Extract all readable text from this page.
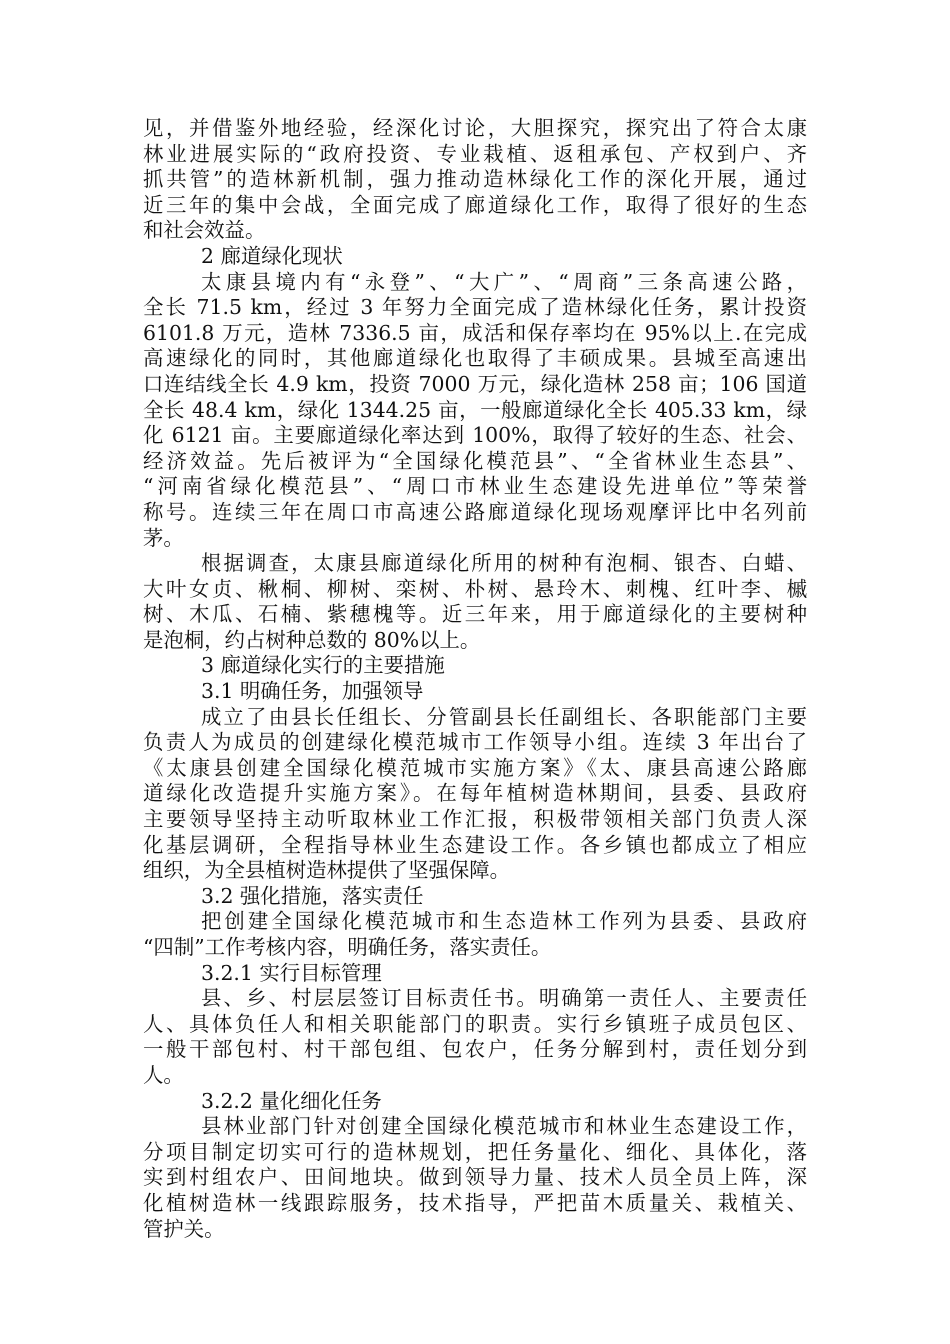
见，并借鉴外地经验，经深化讨论，大胆探究，探究出了符合太康
林业进展实际的“政府投资、专业栽植、返租承包、产权到户、齐
抓共管”的造林新机制，强力推动造林绿化工作的深化开展，通过
近三年的集中会战，全面完成了廊道绿化工作，取得了很好的生态
和社会效益。
2 廊道绿化现状
太康县境内有“永登”、“大广”、“周商”三条高速公路，
全长 71.5 km，经过 3 年努力全面完成了造林绿化任务，累计投资
6101.8 万元，造林 7336.5 亩，成活和保存率均在 95%以上.在完成
高速绿化的同时，其他廊道绿化也取得了丰硕成果。县城至高速出
口连结线全长 4.9 km，投资 7000 万元，绿化造林 258 亩；106 国道
全长 48.4 km，绿化 1344.25 亩，一般廊道绿化全长 405.33 km，绿
化 6121 亩。主要廊道绿化率达到 100%，取得了较好的生态、社会、
经济效益。先后被评为“全国绿化模范县”、“全省林业生态县”、
“河南省绿化模范县”、“周口市林业生态建设先进单位”等荣誉
称号。连续三年在周口市高速公路廊道绿化现场观摩评比中名列前
茅。
根据调查，太康县廊道绿化所用的树种有泡桐、银杏、白蜡、
大叶女贞、楸桐、柳树、栾树、朴树、悬玲木、刺槐、红叶李、槭
树、木瓜、石楠、紫穗槐等。近三年来，用于廊道绿化的主要树种
是泡桐，约占树种总数的 80%以上。
3 廊道绿化实行的主要措施
3.1 明确任务，加强领导
成立了由县长任组长、分管副县长任副组长、各职能部门主要
负责人为成员的创建绿化模范城市工作领导小组。连续 3 年出台了
《太康县创建全国绿化模范城市实施方案》《太、康县高速公路廊
道绿化改造提升实施方案》。在每年植树造林期间，县委、县政府
主要领导坚持主动听取林业工作汇报，积极带领相关部门负责人深
化基层调研，全程指导林业生态建设工作。各乡镇也都成立了相应
组织，为全县植树造林提供了坚强保障。
3.2 强化措施，落实责任
把创建全国绿化模范城市和生态造林工作列为县委、县政府
“四制”工作考核内容，明确任务，落实责任。
3.2.1 实行目标管理
县、乡、村层层签订目标责任书。明确第一责任人、主要责任
人、具体负任人和相关职能部门的职责。实行乡镇班子成员包区、
一般干部包村、村干部包组、包农户，任务分解到村，责任划分到
人。
3.2.2 量化细化任务
县林业部门针对创建全国绿化模范城市和林业生态建设工作，
分项目制定切实可行的造林规划，把任务量化、细化、具体化，落
实到村组农户、田间地块。做到领导力量、技术人员全员上阵，深
化植树造林一线跟踪服务，技术指导，严把苗木质量关、栽植关、
管护关。
